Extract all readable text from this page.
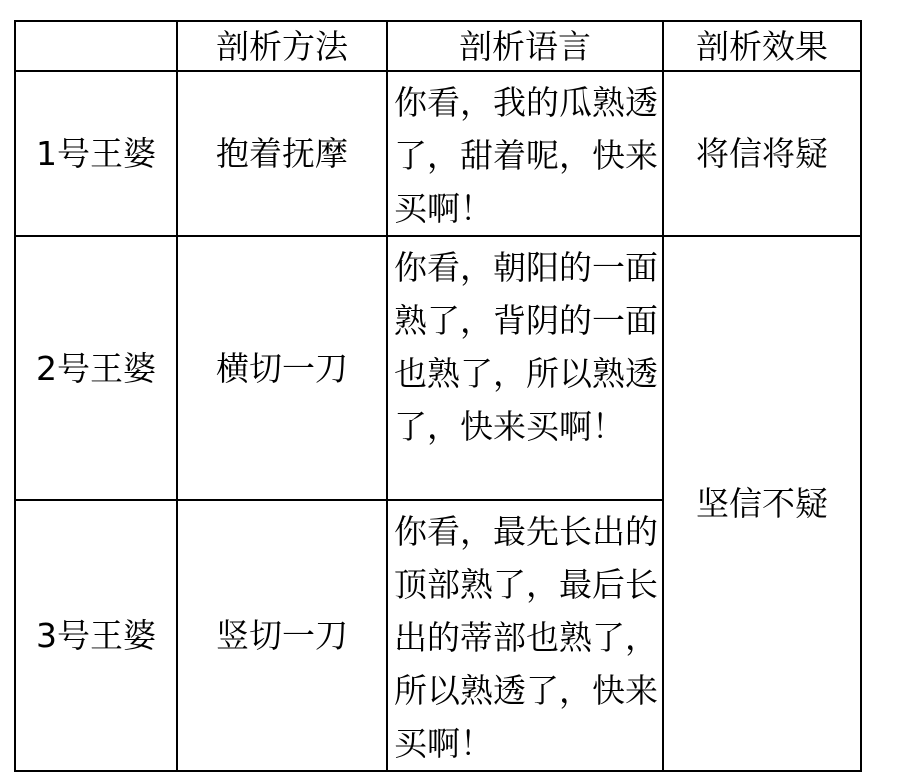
	剖析方法	剖析语言	剖析效果
1号王婆	抱着抚摩	你看，我的瓜熟透了，甜着呢，快来买啊！	将信将疑
2号王婆	横切一刀	你看，朝阳的一面熟了，背阴的一面也熟了，所以熟透了，快来买啊！	坚信不疑
3号王婆	竖切一刀	你看，最先长出的顶部熟了，最后长出的蒂部也熟了，所以熟透了，快来买啊！	
